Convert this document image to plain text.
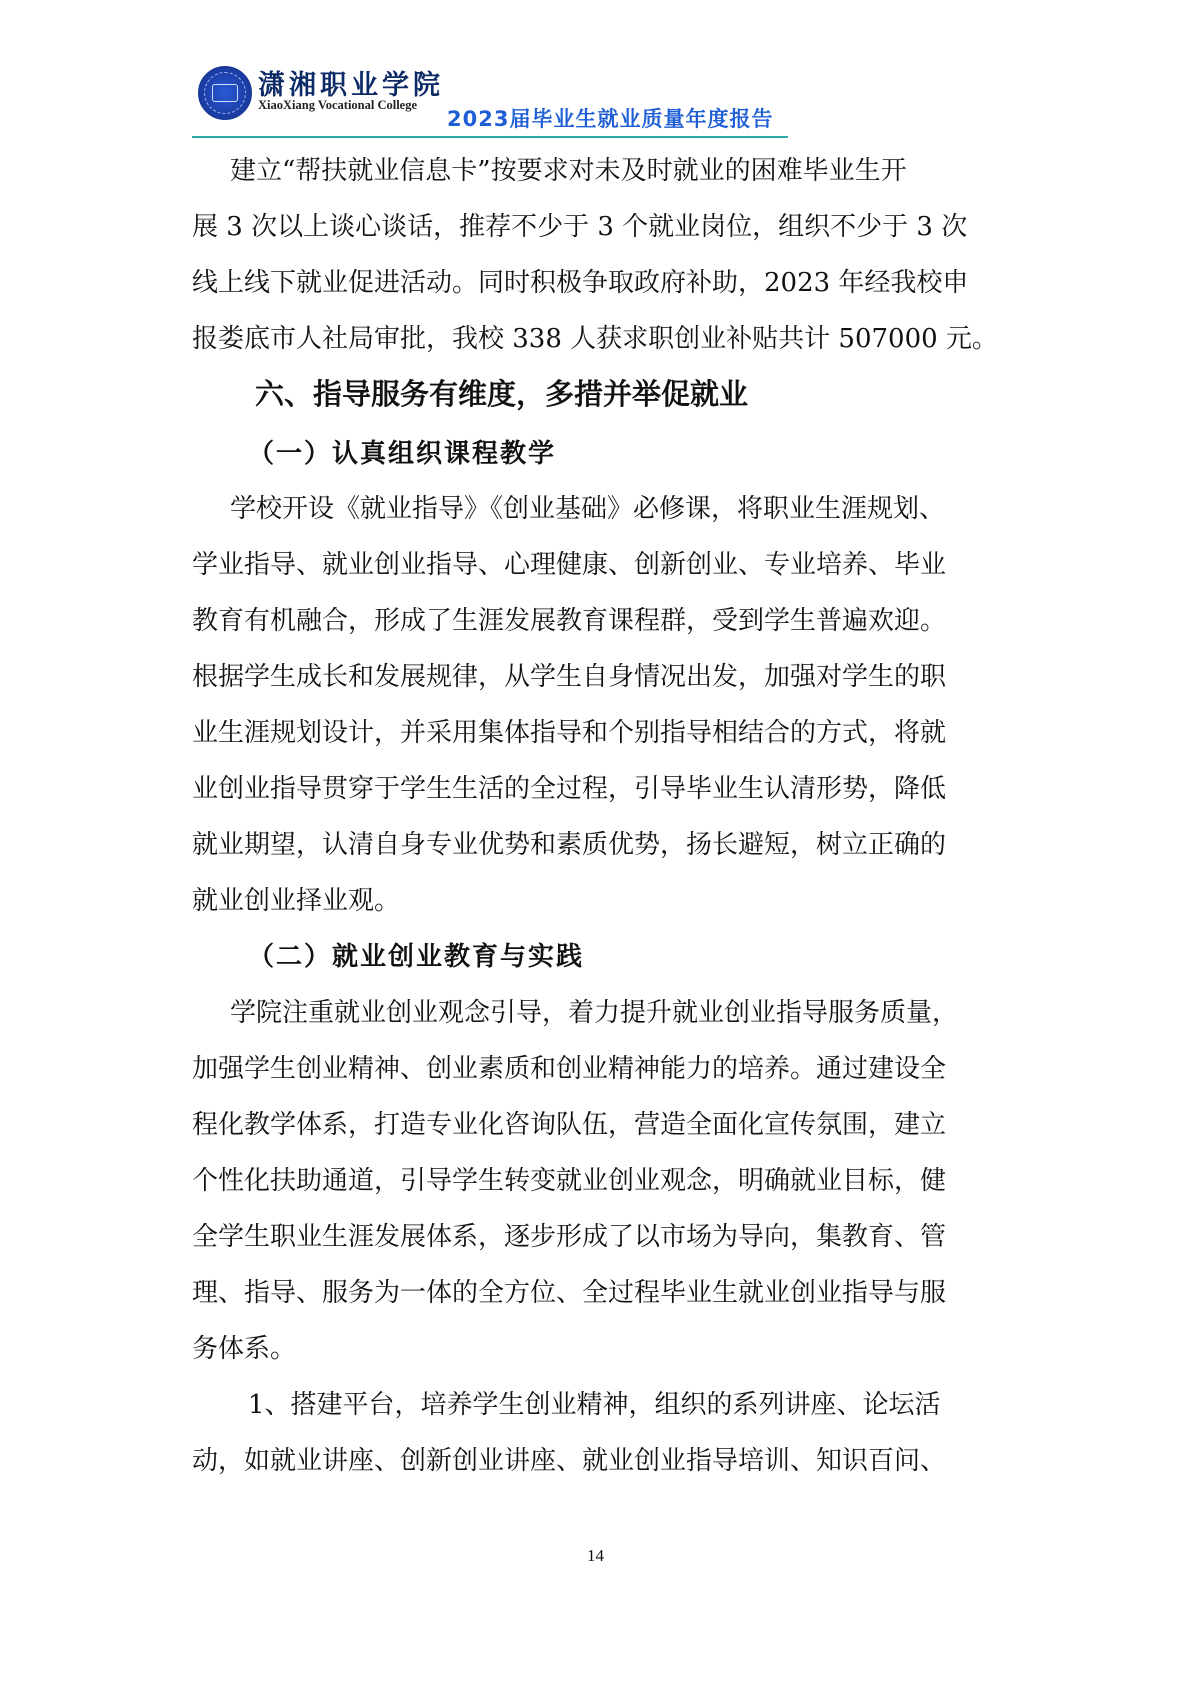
潇湘职业学院
XiaoXiang Vocational College
2023届毕业生就业质量年度报告
建立“帮扶就业信息卡”按要求对未及时就业的困难毕业生开
展 3 次以上谈心谈话，推荐不少于 3 个就业岗位，组织不少于 3 次
线上线下就业促进活动。同时积极争取政府补助，2023 年经我校申
报娄底市人社局审批，我校 338 人获求职创业补贴共计 507000 元。
六、指导服务有维度，多措并举促就业
（一）认真组织课程教学
学校开设《就业指导》《创业基础》必修课，将职业生涯规划、
学业指导、就业创业指导、心理健康、创新创业、专业培养、毕业
教育有机融合，形成了生涯发展教育课程群，受到学生普遍欢迎。
根据学生成长和发展规律，从学生自身情况出发，加强对学生的职
业生涯规划设计，并采用集体指导和个别指导相结合的方式，将就
业创业指导贯穿于学生生活的全过程，引导毕业生认清形势，降低
就业期望，认清自身专业优势和素质优势，扬长避短，树立正确的
就业创业择业观。
（二）就业创业教育与实践
学院注重就业创业观念引导，着力提升就业创业指导服务质量，
加强学生创业精神、创业素质和创业精神能力的培养。通过建设全
程化教学体系，打造专业化咨询队伍，营造全面化宣传氛围，建立
个性化扶助通道，引导学生转变就业创业观念，明确就业目标，健
全学生职业生涯发展体系，逐步形成了以市场为导向，集教育、管
理、指导、服务为一体的全方位、全过程毕业生就业创业指导与服
务体系。
1、搭建平台，培养学生创业精神，组织的系列讲座、论坛活
动，如就业讲座、创新创业讲座、就业创业指导培训、知识百问、
14
